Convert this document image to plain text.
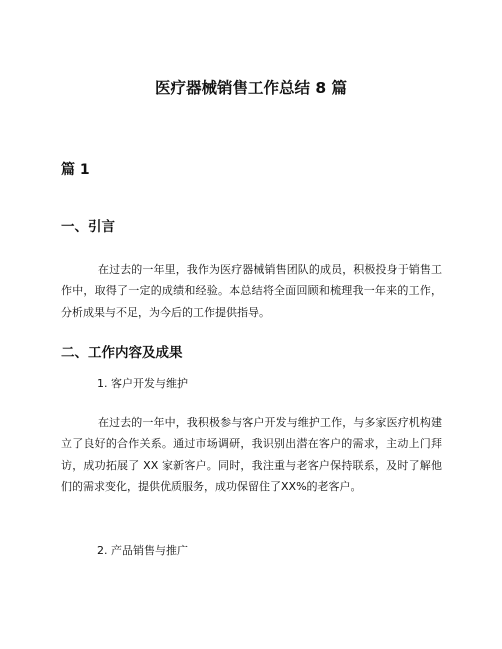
医疗器械销售工作总结 8 篇
篇 1
一、引言

在过去的一年里，我作为医疗器械销售团队的成员，积极投身于销售工作中，取得了一定的成绩和经验。本总结将全面回顾和梳理我一年来的工作，分析成果与不足，为今后的工作提供指导。

二、工作内容及成果

1. 客户开发与维护

在过去的一年中，我积极参与客户开发与维护工作，与多家医疗机构建立了良好的合作关系。通过市场调研，我识别出潜在客户的需求，主动上门拜访，成功拓展了 XX 家新客户。同时，我注重与老客户保持联系，及时了解他们的需求变化，提供优质服务，成功保留住了XX%的老客户。

2. 产品销售与推广
